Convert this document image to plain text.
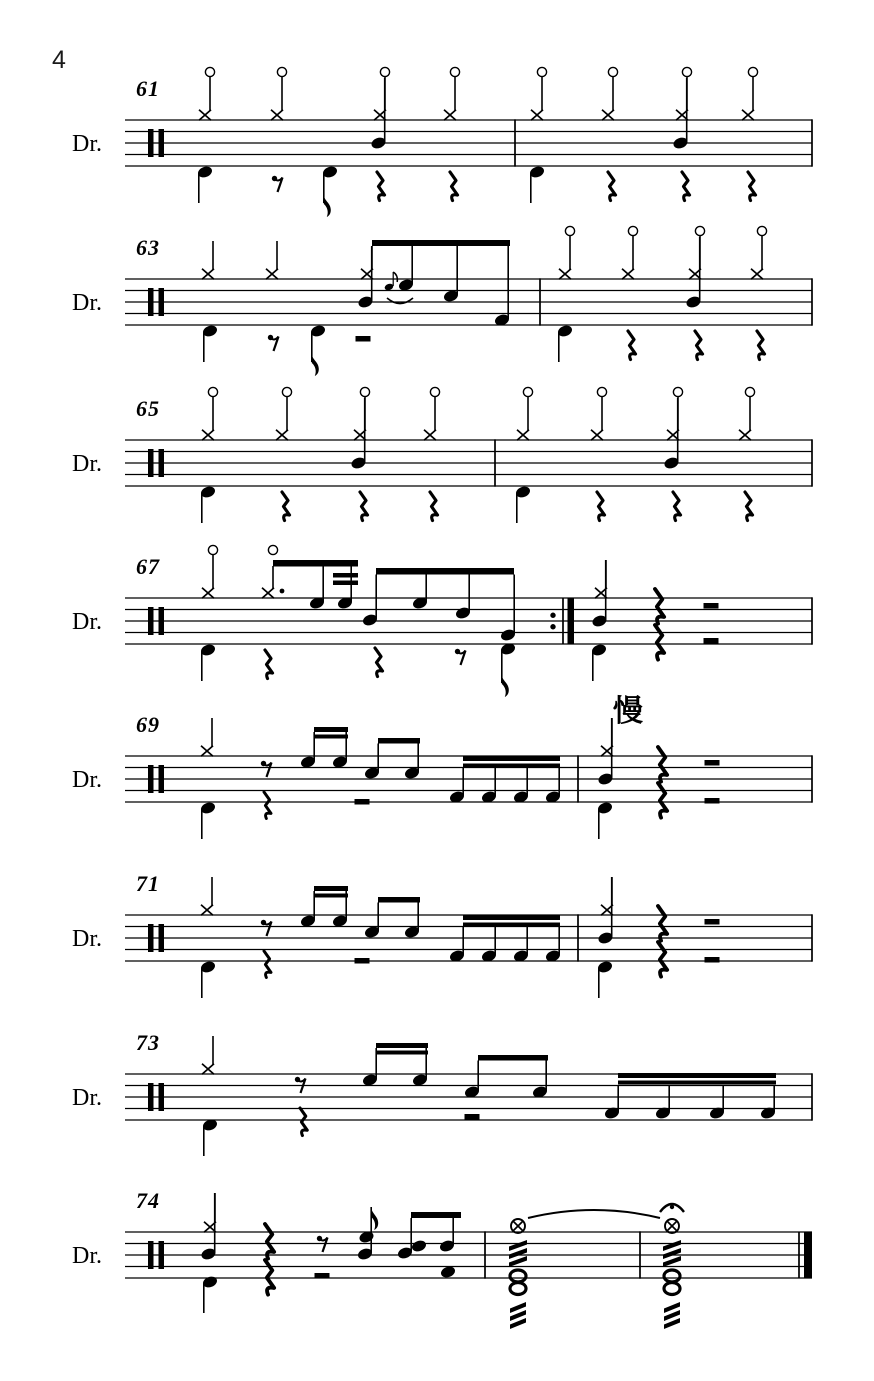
4
61
Dr.
63
Dr.
65
Dr.
67
Dr.
69
Dr.
71
Dr.
73
Dr.
74
Dr.
慢
